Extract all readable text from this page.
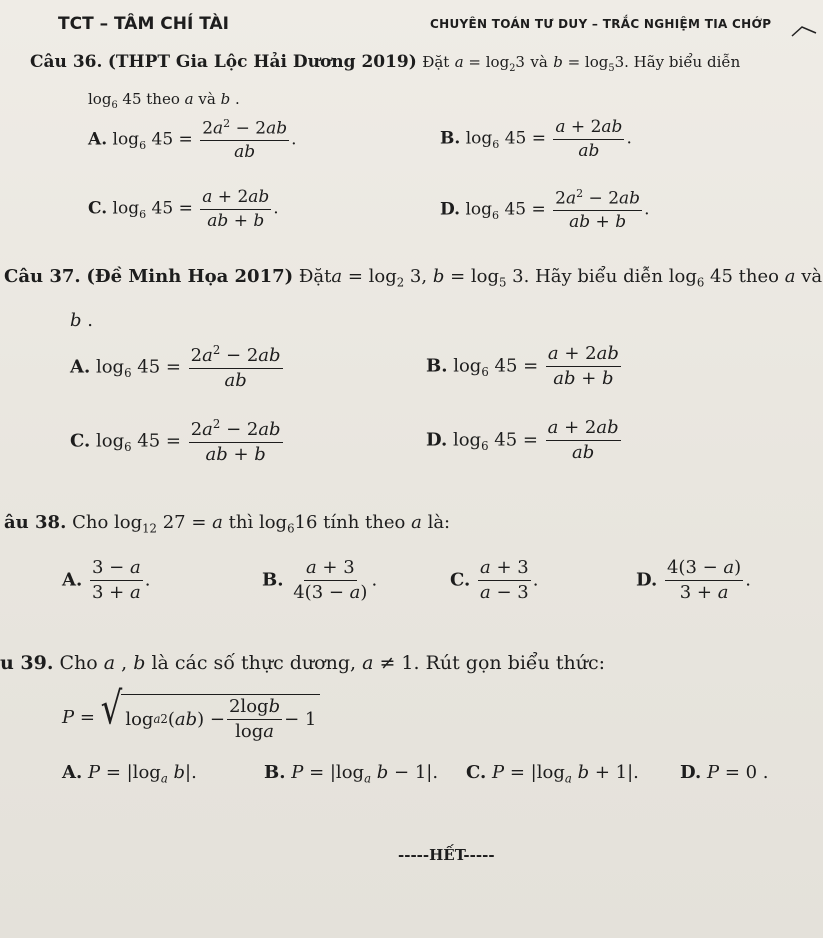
TCT – TÂM CHÍ TÀI	CHUYÊN TOÁN TƯ DUY – TRẮC NGHIỆM TIA CHỚP
Câu 36. (THPT Gia Lộc Hải Dương 2019) Đặt $a = \log_23$ và $b = \log_53$. Hãy biểu diễn
$\log_6 45$ theo a và b .
A. $\log_6 45 = \frac{2a^2 - 2ab}{ab}$ .	B. $\log_6 45 = \frac{a + 2ab}{ab}$ .
C. $\log_6 45 = \frac{a + 2ab}{ab + b}$ .	D. $\log_6 45 = \frac{2a^2 - 2ab}{ab + b}$ .
Câu 37. (Đề Minh Họa 2017) Đặta = $\log_2 3$, $b = \log_5 3$. Hãy biểu diễn $\log_6 45$ theo a và
b .
A. $\log_6 45 = \frac{2a^2 - 2ab}{ab}$	B. $\log_6 45 = \frac{a + 2ab}{ab + b}$
C. $\log_6 45 = \frac{2a^2 - 2ab}{ab + b}$	D. $\log_6 45 = \frac{a + 2ab}{ab}$
âu 38. Cho $\log_{12} 27 = a$ thì $\log_616$ tính theo a là:
A. $\frac{3 - a}{3 + a}$ .	B. $\frac{a + 3}{4(3 - a)}$ .	C. $\frac{a + 3}{a - 3}$ .	D. $\frac{4(3 - a)}{3 + a}$ .
u 39. Cho a , b là các số thực dương, a ≠ 1. Rút gọn biểu thức:
P = √ log a 2 ( ab ) − $\frac{2\log b}{\log a} - 1$
A. $P = |\log_a$ b|.	B. $P = |\log_a$ b − 1|. C. $P = |\log_a$ b + 1|. D. P = 0 .
-----HẾT-----
